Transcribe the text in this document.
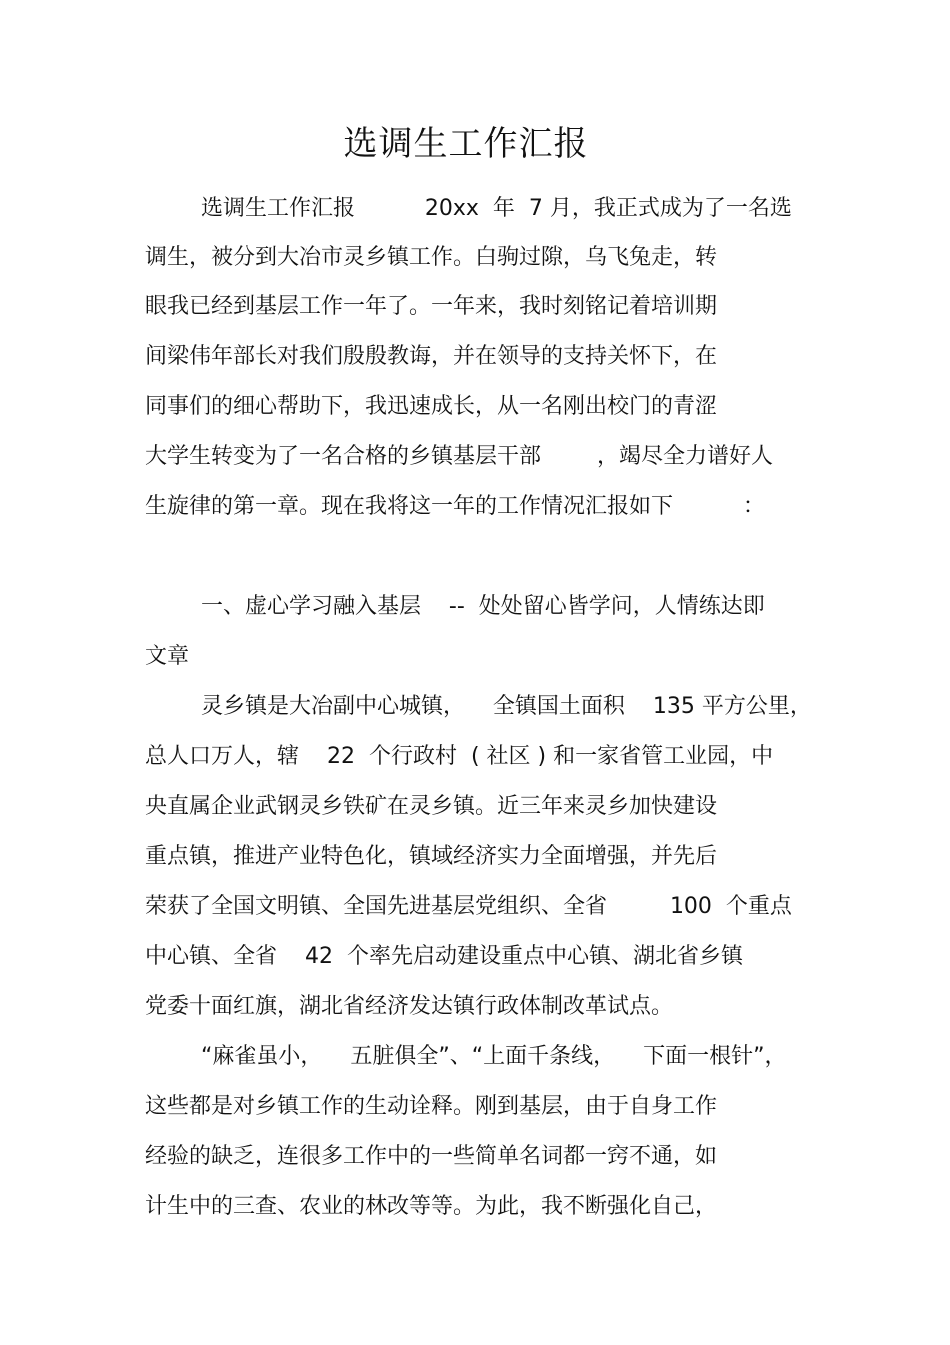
选调生工作汇报

选调生工作汇报          20xx  年  7 月，我正式成为了一名选

调生，被分到大冶市灵乡镇工作。白驹过隙，乌飞兔走，转

眼我已经到基层工作一年了。一年来，我时刻铭记着培训期

间梁伟年部长对我们殷殷教诲，并在领导的支持关怀下，在

同事们的细心帮助下，我迅速成长，从一名刚出校门的青涩

大学生转变为了一名合格的乡镇基层干部        ，竭尽全力谱好人

生旋律的第一章。现在我将这一年的工作情况汇报如下          ：

一、虚心学习融入基层    --  处处留心皆学问，人情练达即

文章

灵乡镇是大冶副中心城镇，    全镇国土面积    135 平方公里，

总人口万人，辖    22  个行政村  ( 社区 ) 和一家省管工业园，中

央直属企业武钢灵乡铁矿在灵乡镇。近三年来灵乡加快建设

重点镇，推进产业特色化，镇域经济实力全面增强，并先后

荣获了全国文明镇、全国先进基层党组织、全省         100  个重点

中心镇、全省    42  个率先启动建设重点中心镇、湖北省乡镇

党委十面红旗，湖北省经济发达镇行政体制改革试点。

“麻雀虽小，    五脏俱全”、“上面千条线，    下面一根针”，

这些都是对乡镇工作的生动诠释。刚到基层，由于自身工作

经验的缺乏，连很多工作中的一些简单名词都一窍不通，如

计生中的三查、农业的林改等等。为此，我不断强化自己，
